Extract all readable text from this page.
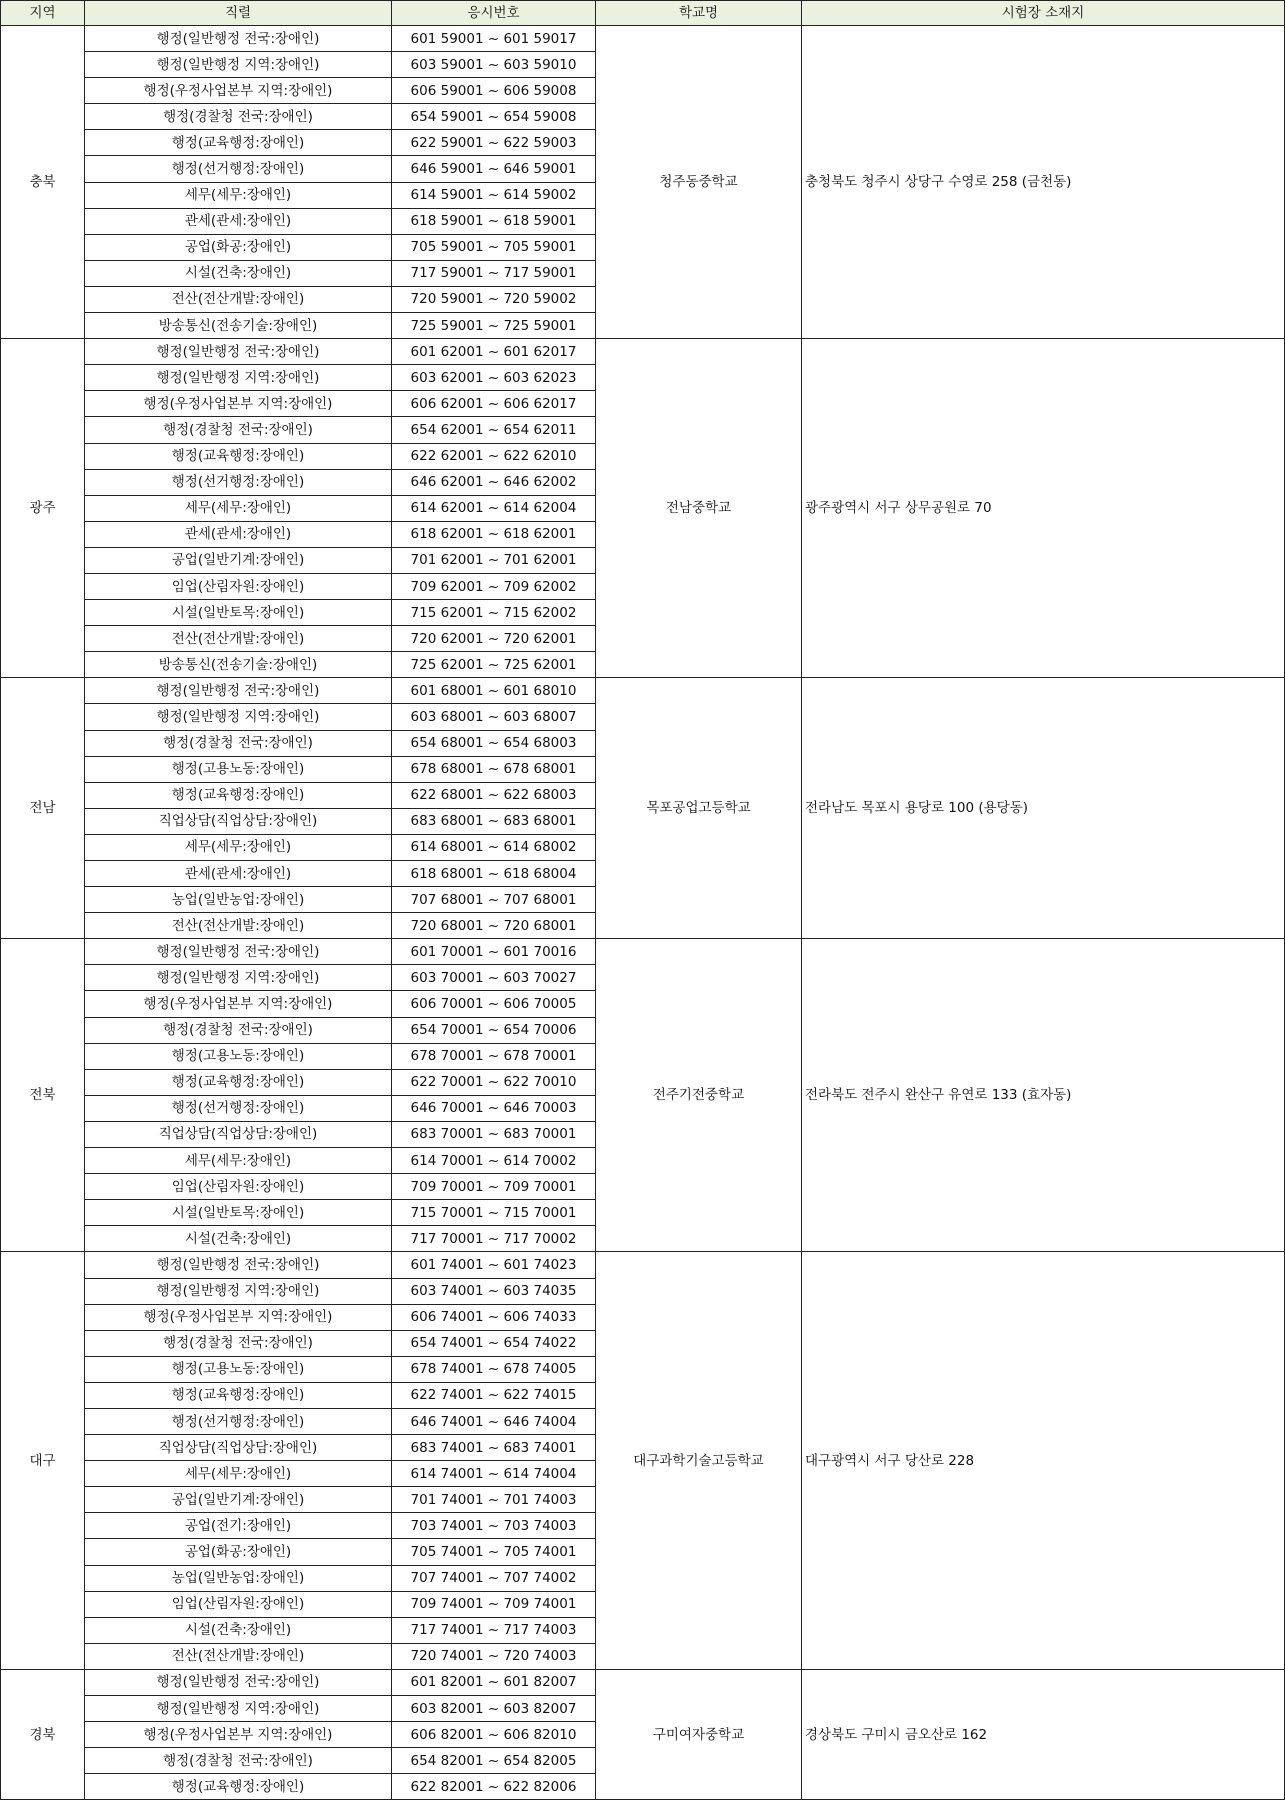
지역	직렬	응시번호	학교명	시험장 소재지
충북	행정(일반행정 전국:장애인)	601 59001 ~ 601 59017	청주동중학교	충청북도 청주시 상당구 수영로 258 (금천동)
	행정(일반행정 지역:장애인)	603 59001 ~ 603 59010		
	행정(우정사업본부 지역:장애인)	606 59001 ~ 606 59008		
	행정(경찰청 전국:장애인)	654 59001 ~ 654 59008		
	행정(교육행정:장애인)	622 59001 ~ 622 59003		
	행정(선거행정:장애인)	646 59001 ~ 646 59001		
	세무(세무:장애인)	614 59001 ~ 614 59002		
	관세(관세:장애인)	618 59001 ~ 618 59001		
	공업(화공:장애인)	705 59001 ~ 705 59001		
	시설(건축:장애인)	717 59001 ~ 717 59001		
	전산(전산개발:장애인)	720 59001 ~ 720 59002		
	방송통신(전송기술:장애인)	725 59001 ~ 725 59001		
광주	행정(일반행정 전국:장애인)	601 62001 ~ 601 62017	전남중학교	광주광역시 서구 상무공원로 70
	행정(일반행정 지역:장애인)	603 62001 ~ 603 62023		
	행정(우정사업본부 지역:장애인)	606 62001 ~ 606 62017		
	행정(경찰청 전국:장애인)	654 62001 ~ 654 62011		
	행정(교육행정:장애인)	622 62001 ~ 622 62010		
	행정(선거행정:장애인)	646 62001 ~ 646 62002		
	세무(세무:장애인)	614 62001 ~ 614 62004		
	관세(관세:장애인)	618 62001 ~ 618 62001		
	공업(일반기계:장애인)	701 62001 ~ 701 62001		
	임업(산림자원:장애인)	709 62001 ~ 709 62002		
	시설(일반토목:장애인)	715 62001 ~ 715 62002		
	전산(전산개발:장애인)	720 62001 ~ 720 62001		
	방송통신(전송기술:장애인)	725 62001 ~ 725 62001		
전남	행정(일반행정 전국:장애인)	601 68001 ~ 601 68010	목포공업고등학교	전라남도 목포시 용당로 100 (용당동)
	행정(일반행정 지역:장애인)	603 68001 ~ 603 68007		
	행정(경찰청 전국:장애인)	654 68001 ~ 654 68003		
	행정(고용노동:장애인)	678 68001 ~ 678 68001		
	행정(교육행정:장애인)	622 68001 ~ 622 68003		
	직업상담(직업상담:장애인)	683 68001 ~ 683 68001		
	세무(세무:장애인)	614 68001 ~ 614 68002		
	관세(관세:장애인)	618 68001 ~ 618 68004		
	농업(일반농업:장애인)	707 68001 ~ 707 68001		
	전산(전산개발:장애인)	720 68001 ~ 720 68001		
전북	행정(일반행정 전국:장애인)	601 70001 ~ 601 70016	전주기전중학교	전라북도 전주시 완산구 유연로 133 (효자동)
	행정(일반행정 지역:장애인)	603 70001 ~ 603 70027		
	행정(우정사업본부 지역:장애인)	606 70001 ~ 606 70005		
	행정(경찰청 전국:장애인)	654 70001 ~ 654 70006		
	행정(고용노동:장애인)	678 70001 ~ 678 70001		
	행정(교육행정:장애인)	622 70001 ~ 622 70010		
	행정(선거행정:장애인)	646 70001 ~ 646 70003		
	직업상담(직업상담:장애인)	683 70001 ~ 683 70001		
	세무(세무:장애인)	614 70001 ~ 614 70002		
	임업(산림자원:장애인)	709 70001 ~ 709 70001		
	시설(일반토목:장애인)	715 70001 ~ 715 70001		
	시설(건축:장애인)	717 70001 ~ 717 70002		
대구	행정(일반행정 전국:장애인)	601 74001 ~ 601 74023	대구과학기술고등학교	대구광역시 서구 당산로 228
	행정(일반행정 지역:장애인)	603 74001 ~ 603 74035		
	행정(우정사업본부 지역:장애인)	606 74001 ~ 606 74033		
	행정(경찰청 전국:장애인)	654 74001 ~ 654 74022		
	행정(고용노동:장애인)	678 74001 ~ 678 74005		
	행정(교육행정:장애인)	622 74001 ~ 622 74015		
	행정(선거행정:장애인)	646 74001 ~ 646 74004		
	직업상담(직업상담:장애인)	683 74001 ~ 683 74001		
	세무(세무:장애인)	614 74001 ~ 614 74004		
	공업(일반기계:장애인)	701 74001 ~ 701 74003		
	공업(전기:장애인)	703 74001 ~ 703 74003		
	공업(화공:장애인)	705 74001 ~ 705 74001		
	농업(일반농업:장애인)	707 74001 ~ 707 74002		
	임업(산림자원:장애인)	709 74001 ~ 709 74001		
	시설(건축:장애인)	717 74001 ~ 717 74003		
	전산(전산개발:장애인)	720 74001 ~ 720 74003		
경북	행정(일반행정 전국:장애인)	601 82001 ~ 601 82007	구미여자중학교	경상북도 구미시 금오산로 162
	행정(일반행정 지역:장애인)	603 82001 ~ 603 82007		
	행정(우정사업본부 지역:장애인)	606 82001 ~ 606 82010		
	행정(경찰청 전국:장애인)	654 82001 ~ 654 82005		
	행정(교육행정:장애인)	622 82001 ~ 622 82006		
